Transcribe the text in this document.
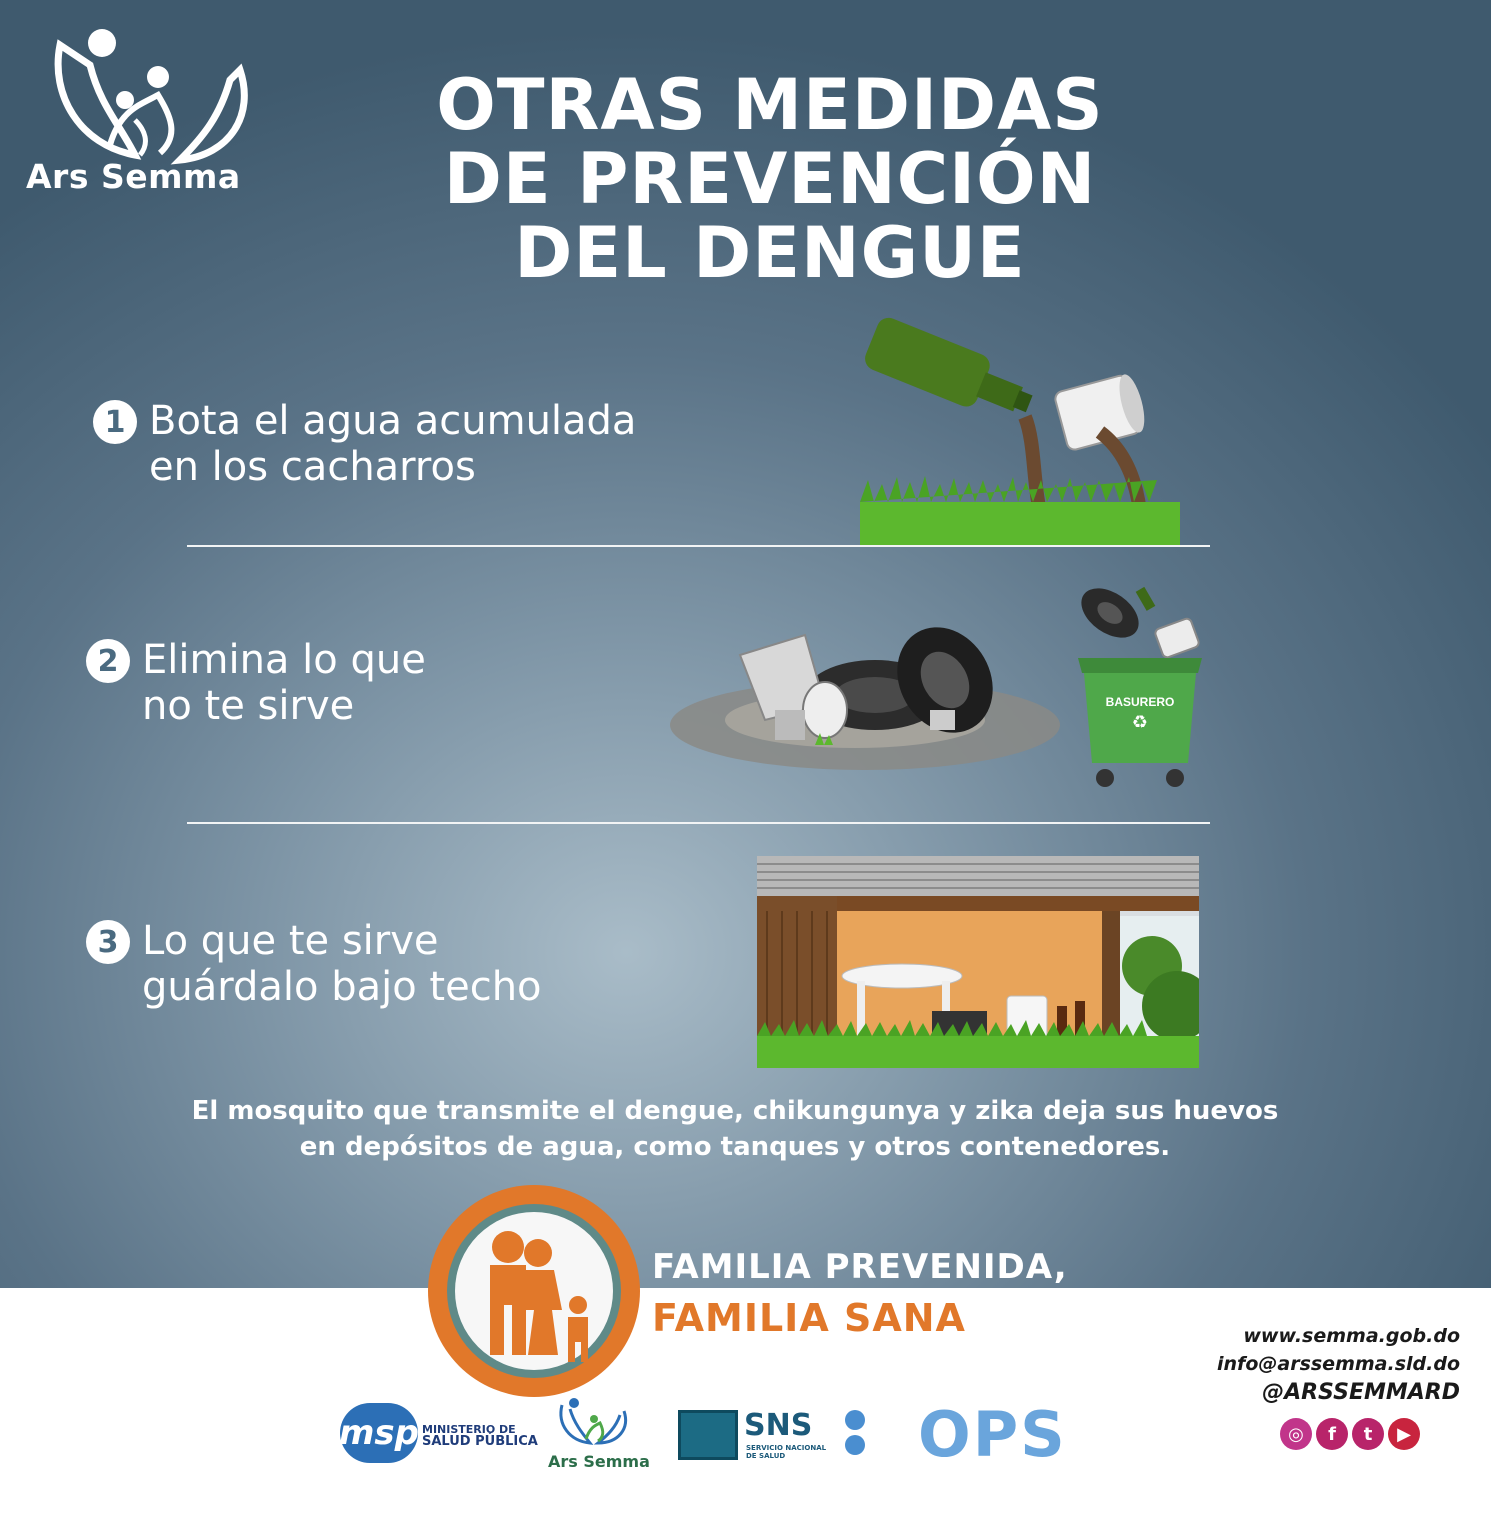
Ars Semma
OTRAS MEDIDAS
DE PREVENCIÓN
DEL DENGUE
1 Bota el agua acumulada
en los cacharros
2 Elimina lo que
no te sirve	BASURERO
♻
3 Lo que te sirve
guárdalo bajo techo
El mosquito que transmite el dengue, chikungunya y zika deja sus huevos
en depósitos de agua, como tanques y otros contenedores.
FAMILIA PREVENIDA,
FAMILIA SANA	www.semma.gob.do
info@arssemma.sld.do
@ARSSEMMARD
◎	f	t	▶
msp MINISTERIO DE
SALUD PÚBLICA
Ars Semma
SNS
SERVICIO NACIONAL
DE SALUD	OPS
